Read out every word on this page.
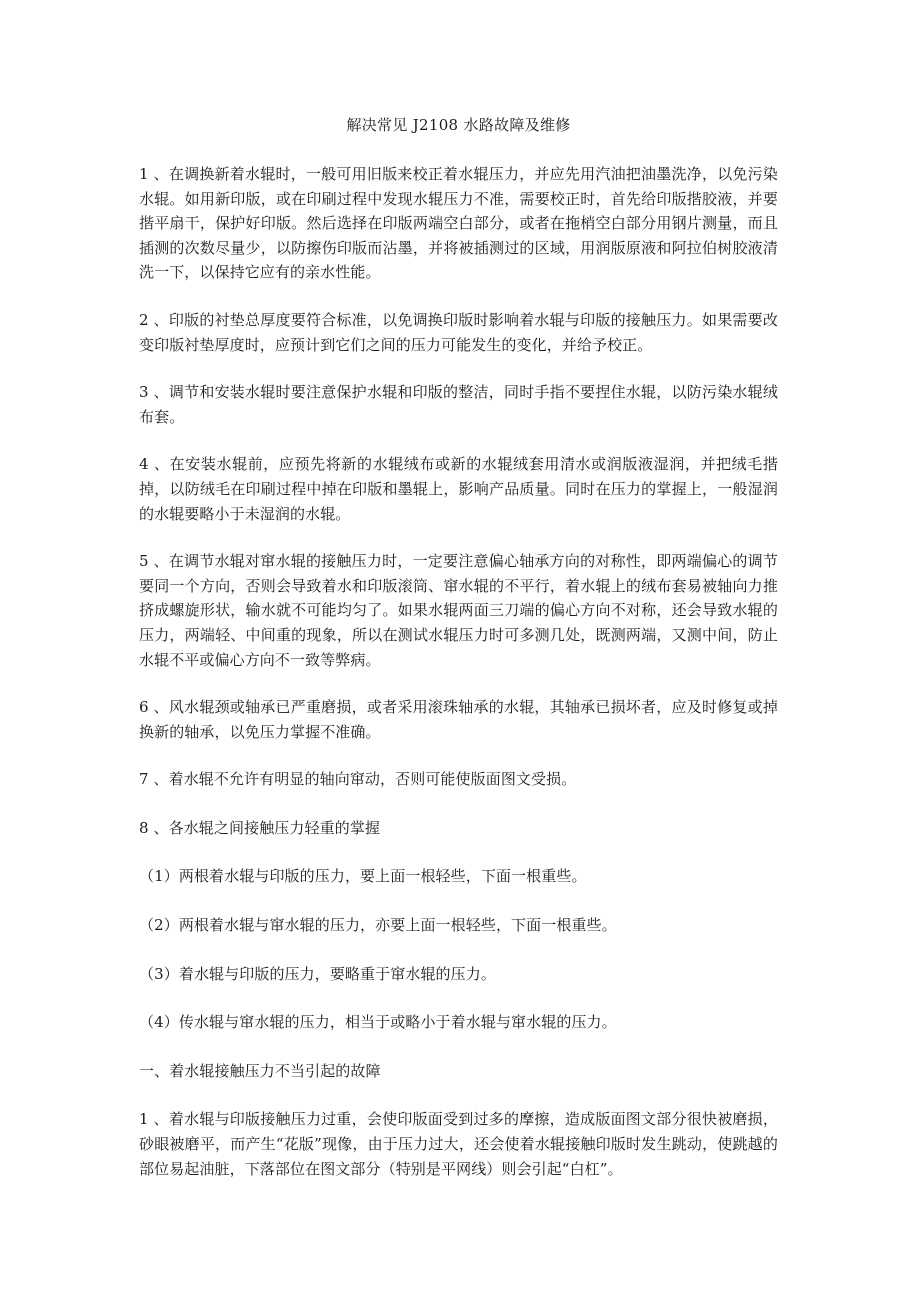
解决常见 J2108 水路故障及维修

1 、在调换新着水辊时，一般可用旧版来校正着水辊压力，并应先用汽油把油墨洗净，以免污染水辊。如用新印版，或在印刷过程中发现水辊压力不准，需要校正时，首先给印版揩胶液，并要揩平扇干，保护好印版。然后选择在印版两端空白部分，或者在拖梢空白部分用钢片测量，而且插测的次数尽量少，以防擦伤印版而沾墨，并将被插测过的区域，用润版原液和阿拉伯树胶液清洗一下，以保持它应有的亲水性能。

2 、印版的衬垫总厚度要符合标准，以免调换印版时影响着水辊与印版的接触压力。如果需要改变印版衬垫厚度时，应预计到它们之间的压力可能发生的变化，并给予校正。

3 、调节和安装水辊时要注意保护水辊和印版的整洁，同时手指不要捏住水辊，以防污染水辊绒布套。

4 、在安装水辊前，应预先将新的水辊绒布或新的水辊绒套用清水或润版液湿润，并把绒毛揩掉，以防绒毛在印刷过程中掉在印版和墨辊上，影响产品质量。同时在压力的掌握上，一般湿润的水辊要略小于未湿润的水辊。

5 、在调节水辊对窜水辊的接触压力时，一定要注意偏心轴承方向的对称性，即两端偏心的调节要同一个方向，否则会导致着水和印版滚筒、窜水辊的不平行，着水辊上的绒布套易被轴向力推挤成螺旋形状，输水就不可能均匀了。如果水辊两面三刀端的偏心方向不对称，还会导致水辊的压力，两端轻、中间重的现象，所以在测试水辊压力时可多测几处，既测两端，又测中间，防止水辊不平或偏心方向不一致等弊病。

6 、风水辊颈或轴承已严重磨损，或者采用滚珠轴承的水辊，其轴承已损坏者，应及时修复或掉换新的轴承，以免压力掌握不准确。

7 、着水辊不允许有明显的轴向窜动，否则可能使版面图文受损。

8 、各水辊之间接触压力轻重的掌握

（1）两根着水辊与印版的压力，要上面一根轻些，下面一根重些。

（2）两根着水辊与窜水辊的压力，亦要上面一根轻些，下面一根重些。

（3）着水辊与印版的压力，要略重于窜水辊的压力。

（4）传水辊与窜水辊的压力，相当于或略小于着水辊与窜水辊的压力。

一、着水辊接触压力不当引起的故障

1 、着水辊与印版接触压力过重，会使印版面受到过多的摩擦，造成版面图文部分很快被磨损，砂眼被磨平，而产生“花版”现像，由于压力过大，还会使着水辊接触印版时发生跳动，使跳越的部位易起油脏，下落部位在图文部分（特别是平网线）则会引起“白杠”。
